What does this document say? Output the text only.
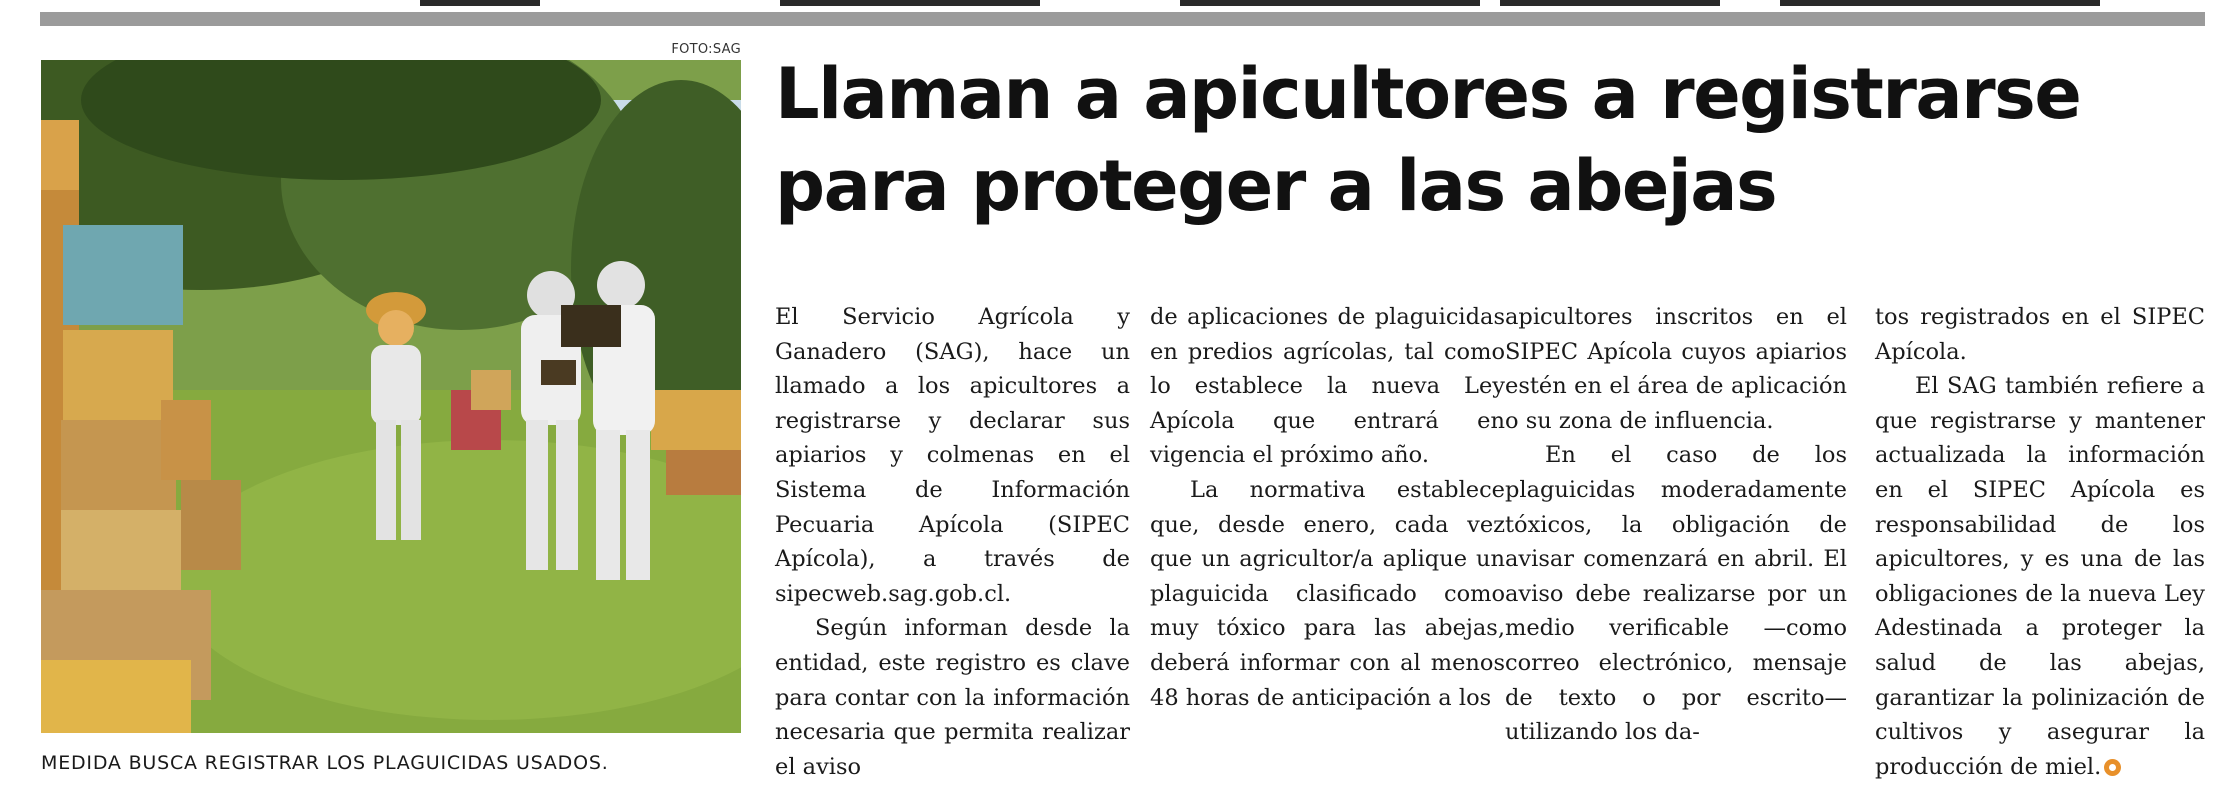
FOTO:SAG
MEDIDA BUSCA REGISTRAR LOS PLAGUICIDAS USADOS.
Llaman a apicultores a registrarse
para proteger a las abejas

El Servicio Agrícola y Ganadero (SAG), hace un llamado a los apicultores a registrarse y declarar sus apiarios y colmenas en el Sistema de Información Pecuaria Apícola (SIPEC Apícola), a través de sipecweb.sag.gob.cl.

Según informan desde la entidad, este registro es clave para contar con la información necesaria que permita realizar el aviso

de aplicaciones de plaguicidas en predios agrícolas, tal como lo establece la nueva Ley Apícola que entrará en vigencia el próximo año.

La normativa establece que, desde enero, cada vez que un agricultor/a aplique un plaguicida clasificado como muy tóxico para las abejas, deberá informar con al menos 48 horas de anticipación a los

apicultores inscritos en el SIPEC Apícola cuyos apiarios estén en el área de aplicación o su zona de influencia.

En el caso de los plaguicidas moderadamente tóxicos, la obligación de avisar comenzará en abril. El aviso debe realizarse por un medio verificable —como correo electrónico, mensaje de texto o por escrito— utilizando los da-

tos registrados en el SIPEC Apícola.

El SAG también refiere a que registrarse y mantener actualizada la información en el SIPEC Apícola es responsabilidad de los apicultores, y es una de las obligaciones de la nueva Ley Adestinada a proteger la salud de las abejas, garantizar la polinización de cultivos y asegurar la producción de miel.
